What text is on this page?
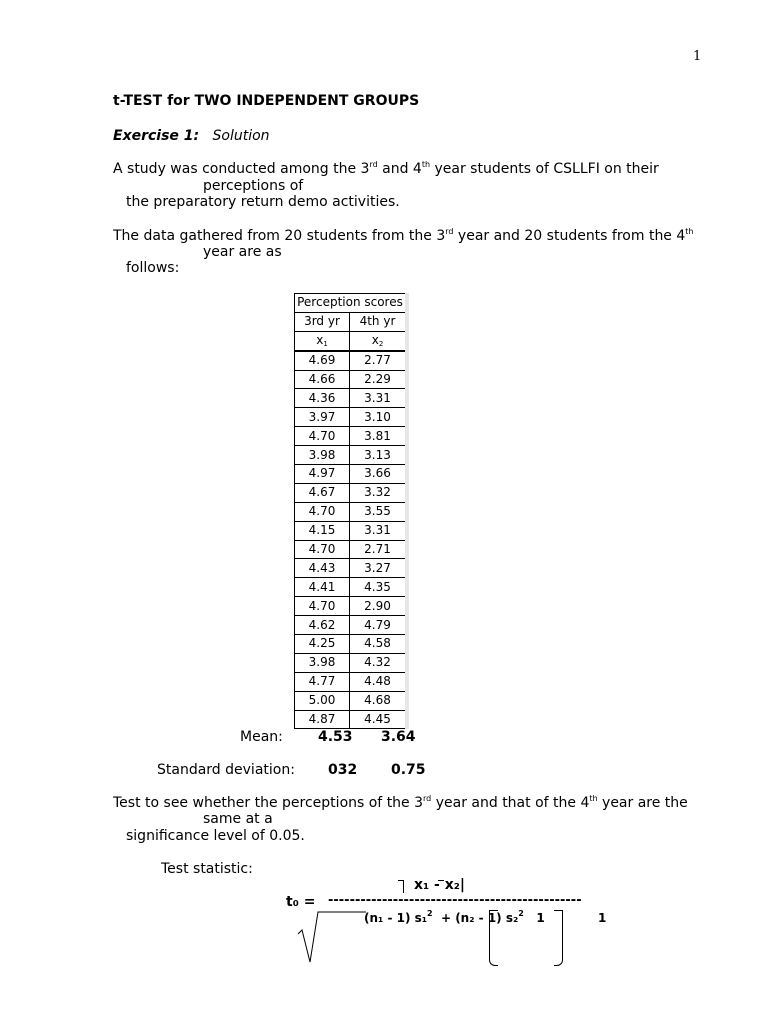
1
t-TEST for TWO INDEPENDENT GROUPS
Exercise 1: Solution
A study was conducted among the 3rd and 4th year students of CSLLFI on their
perceptions of
the preparatory return demo activities.
The data gathered from 20 students from the 3rd year and 20 students from the 4th
year are as
follows:
Perception scores	
3rd yr	4th yr
$x_1$	$x_2$
4.69	2.77
4.66	2.29
4.36	3.31
3.97	3.10
4.70	3.81
3.98	3.13
4.97	3.66
4.67	3.32
4.70	3.55
4.15	3.31
4.70	2.71
4.43	3.27
4.41	4.35
4.70	2.90
4.62	4.79
4.25	4.58
3.98	4.32
4.77	4.48
5.00	4.68
4.87	4.45
Mean:	4.53 3.64
Standard deviation: 032 0.75
Test to see whether the perceptions of the 3rd year and that of the 4th year are the
same at a
significance level of 0.05.
Test statistic:
x₁ - x₂|
t₀ = -----------------------------------------------
(n₁ - 1) s₁$^2$ + (n₂ - 1) s₂$^2$ 1	1
